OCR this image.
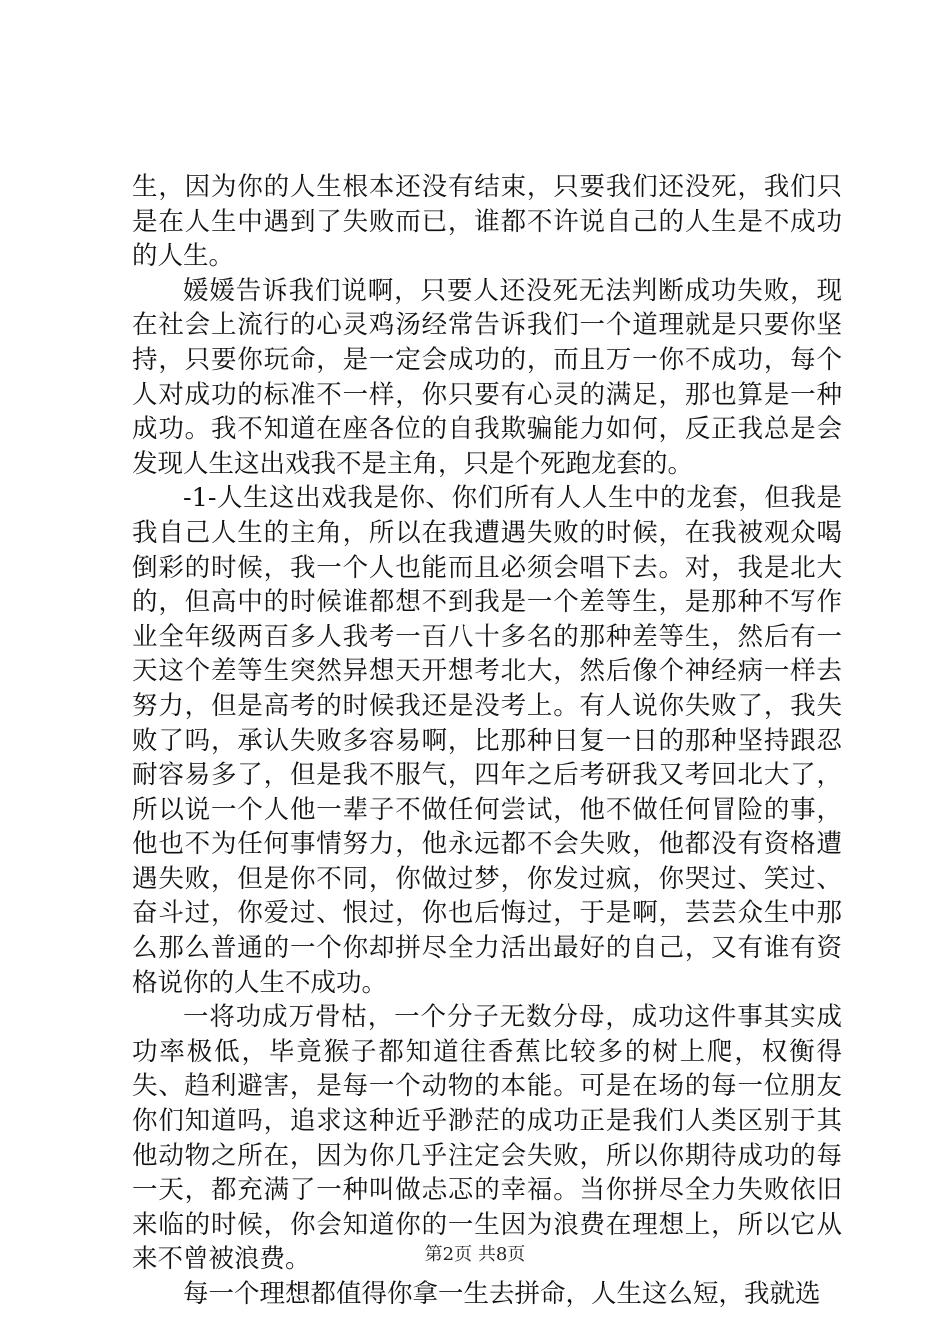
生，因为你的人生根本还没有结束，只要我们还没死，我们只是在人生中遇到了失败而已，谁都不许说自己的人生是不成功的人生。

媛媛告诉我们说啊，只要人还没死无法判断成功失败，现在社会上流行的心灵鸡汤经常告诉我们一个道理就是只要你坚持，只要你玩命，是一定会成功的，而且万一你不成功，每个人对成功的标准不一样，你只要有心灵的满足，那也算是一种成功。我不知道在座各位的自我欺骗能力如何，反正我总是会发现人生这出戏我不是主角，只是个死跑龙套的。

-1-人生这出戏我是你、你们所有人人生中的龙套，但我是我自己人生的主角，所以在我遭遇失败的时候，在我被观众喝倒彩的时候，我一个人也能而且必须会唱下去。对，我是北大的，但高中的时候谁都想不到我是一个差等生，是那种不写作业全年级两百多人我考一百八十多名的那种差等生，然后有一天这个差等生突然异想天开想考北大，然后像个神经病一样去努力，但是高考的时候我还是没考上。有人说你失败了，我失败了吗，承认失败多容易啊，比那种日复一日的那种坚持跟忍耐容易多了，但是我不服气，四年之后考研我又考回北大了，所以说一个人他一辈子不做任何尝试，他不做任何冒险的事，他也不为任何事情努力，他永远都不会失败，他都没有资格遭遇失败，但是你不同，你做过梦，你发过疯，你哭过、笑过、奋斗过，你爱过、恨过，你也后悔过，于是啊，芸芸众生中那么那么普通的一个你却拼尽全力活出最好的自己，又有谁有资格说你的人生不成功。

一将功成万骨枯，一个分子无数分母，成功这件事其实成功率极低，毕竟猴子都知道往香蕉比较多的树上爬，权衡得失、趋利避害，是每一个动物的本能。可是在场的每一位朋友你们知道吗，追求这种近乎渺茫的成功正是我们人类区别于其他动物之所在，因为你几乎注定会失败，所以你期待成功的每一天，都充满了一种叫做忐忑的幸福。当你拼尽全力失败依旧来临的时候，你会知道你的一生因为浪费在理想上，所以它从来不曾被浪费。

每一个理想都值得你拿一生去拼命，人生这么短，我就选

第2页 共8页
